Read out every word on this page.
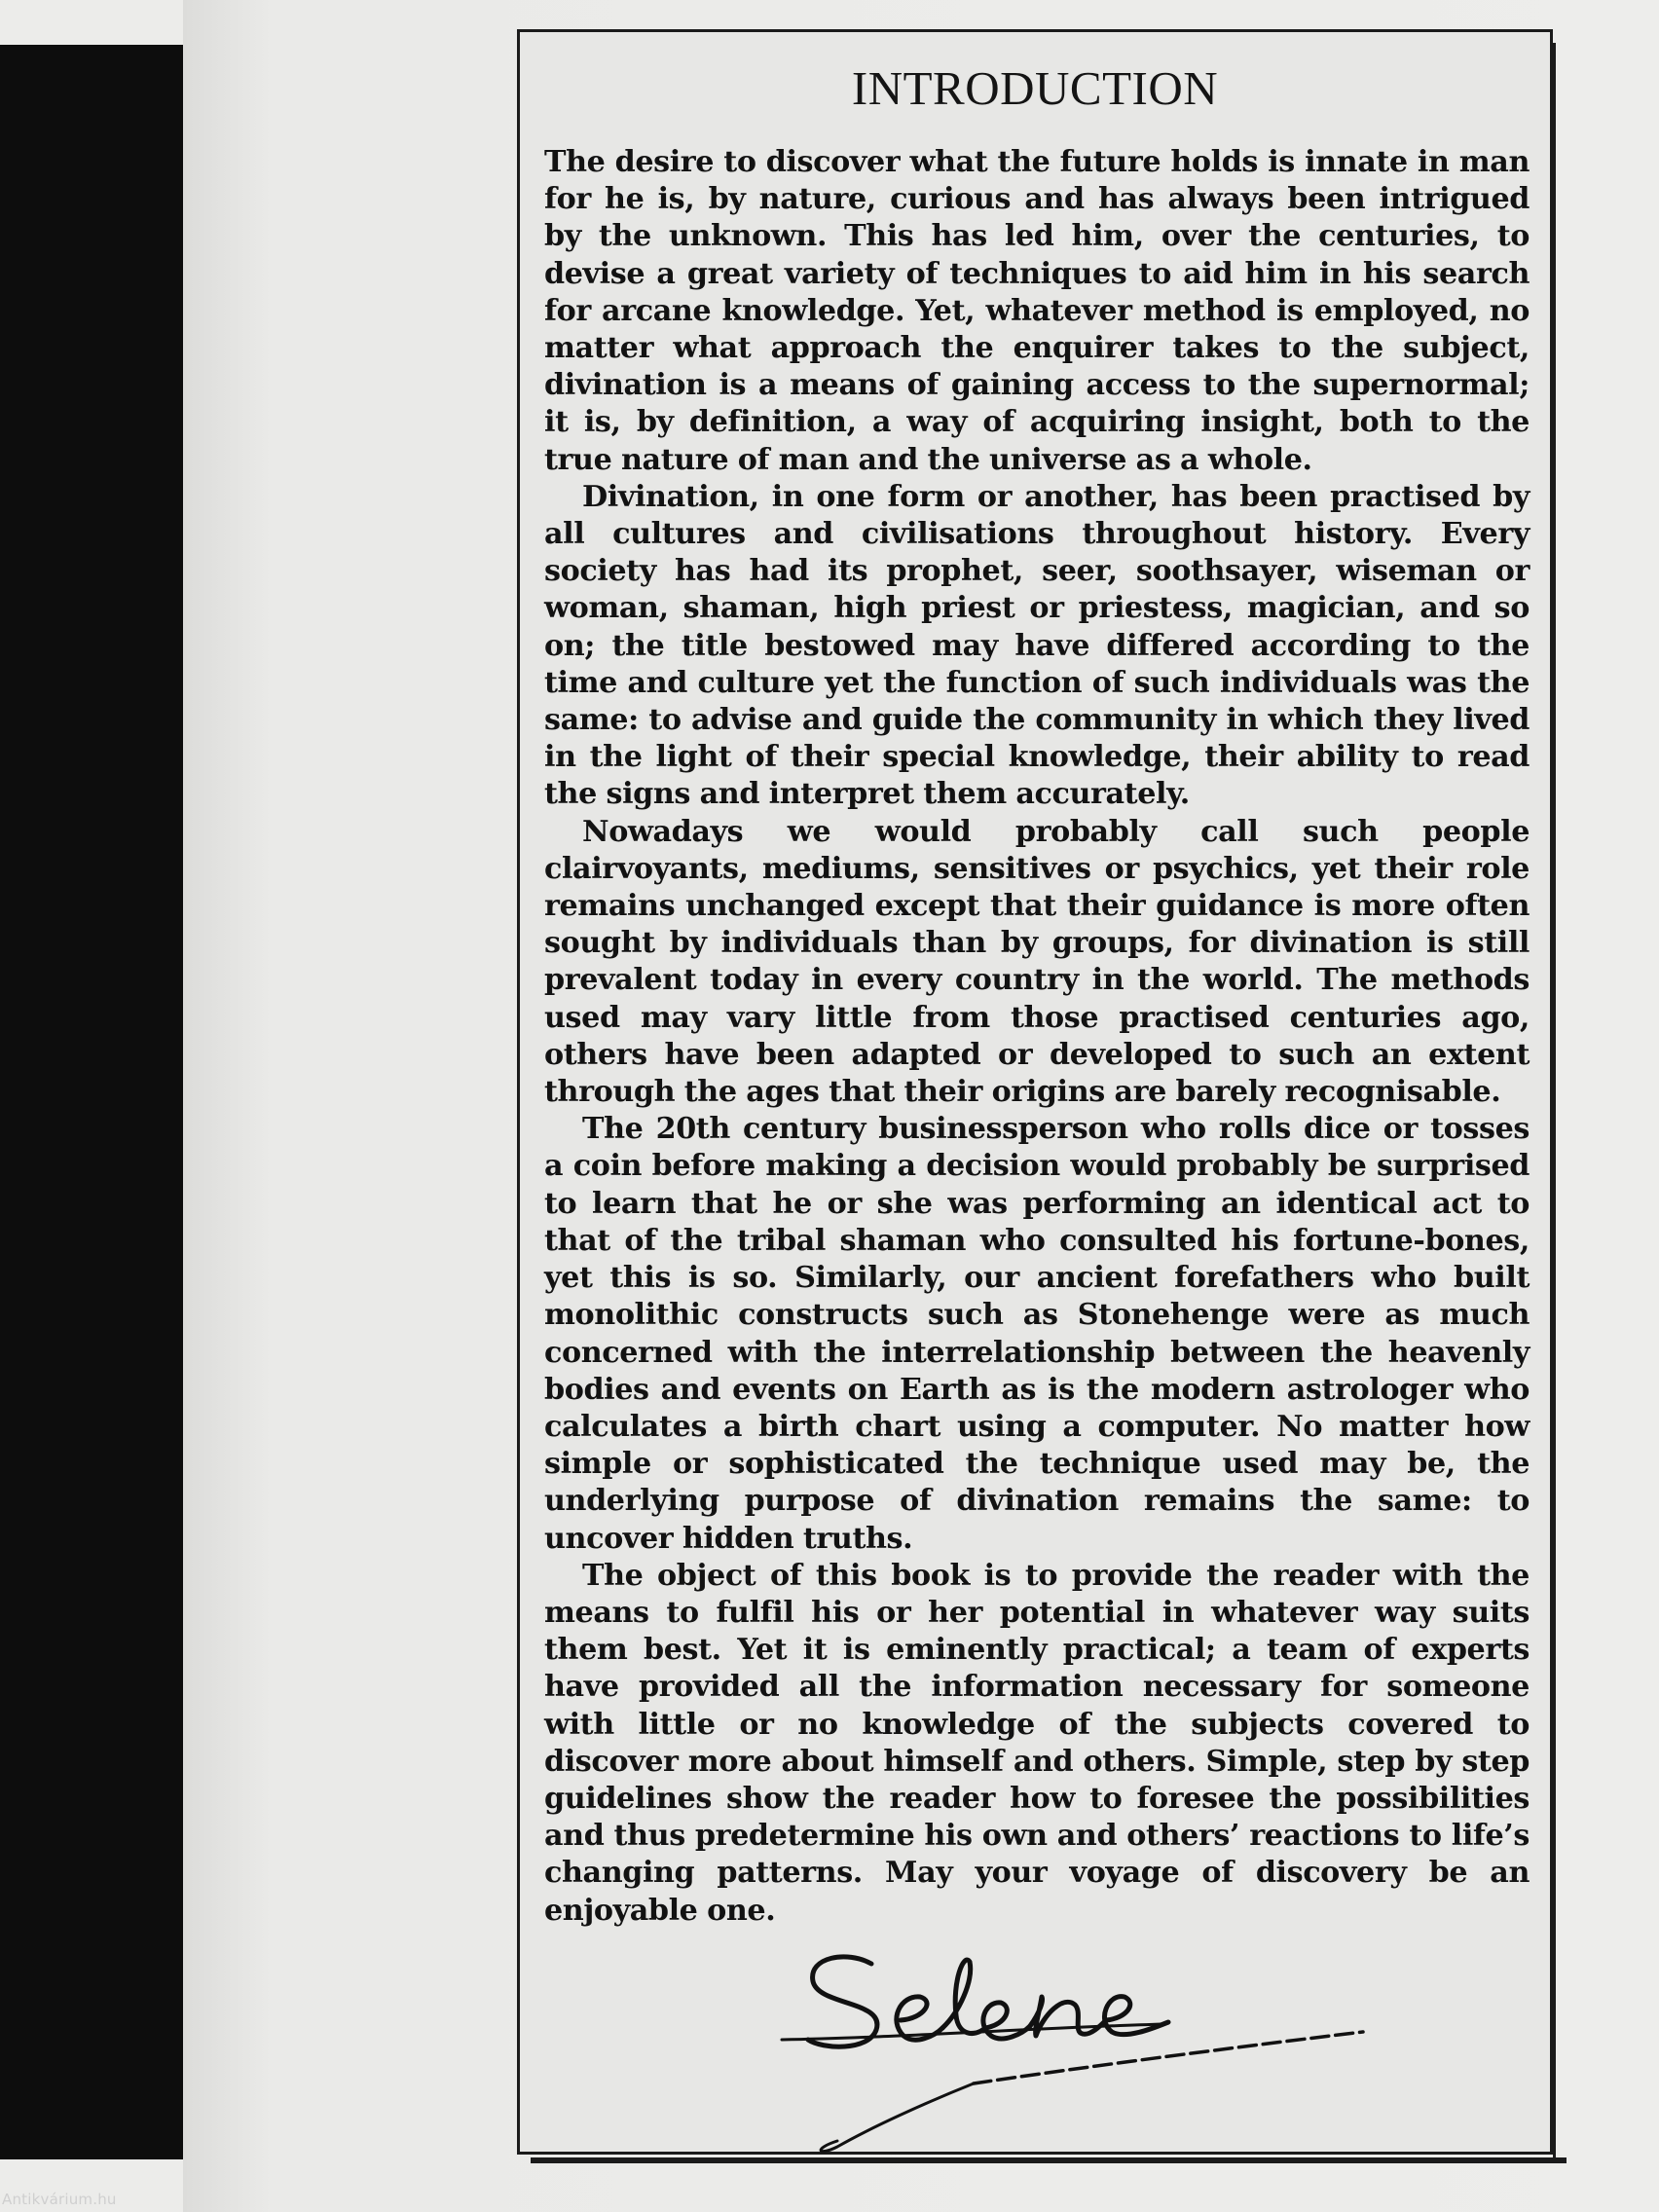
INTRODUCTION

The desire to discover what the future holds is innate in man for he is, by nature, curious and has always been intrigued by the unknown. This has led him, over the centuries, to devise a great variety of techniques to aid him in his search for arcane knowledge. Yet, whatever method is employed, no matter what approach the enquirer takes to the subject, divination is a means of gaining access to the supernormal; it is, by definition, a way of acquiring insight, both to the true nature of man and the universe as a whole.

Divination, in one form or another, has been practised by all cultures and civilisations throughout history. Every society has had its prophet, seer, soothsayer, wiseman or woman, shaman, high priest or priestess, magician, and so on; the title bestowed may have differed according to the time and culture yet the function of such individuals was the same: to advise and guide the community in which they lived in the light of their special knowledge, their ability to read the signs and interpret them accurately.

Nowadays we would probably call such people clairvoyants, mediums, sensitives or psychics, yet their role remains unchanged except that their guidance is more often sought by individuals than by groups, for divination is still prevalent today in every country in the world. The methods used may vary little from those practised centuries ago, others have been adapted or developed to such an extent through the ages that their origins are barely recognisable.

The 20th century businessperson who rolls dice or tosses a coin before making a decision would probably be surprised to learn that he or she was performing an identical act to that of the tribal shaman who consulted his fortune-bones, yet this is so. Similarly, our ancient forefathers who built monolithic constructs such as Stonehenge were as much concerned with the interrelationship between the heavenly bodies and events on Earth as is the modern astrologer who calculates a birth chart using a computer. No matter how simple or sophisticated the technique used may be, the underlying purpose of divination remains the same: to uncover hidden truths.

The object of this book is to provide the reader with the means to fulfil his or her potential in whatever way suits them best. Yet it is eminently practical; a team of experts have provided all the information necessary for someone with little or no knowledge of the subjects covered to discover more about himself and others. Simple, step by step guidelines show the reader how to foresee the possibilities and thus predetermine his own and others’ reactions to life’s changing patterns. May your voyage of discovery be an enjoyable one.

Antikvárium.hu
